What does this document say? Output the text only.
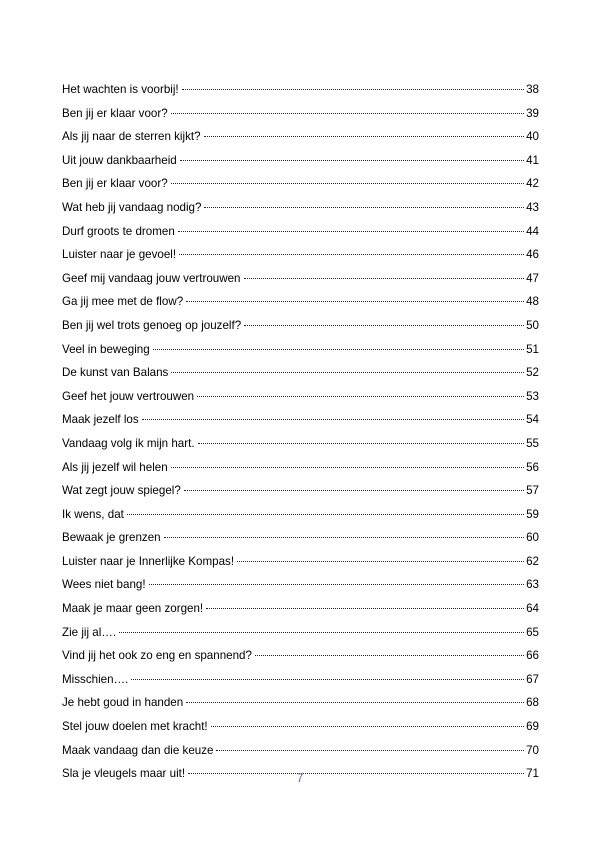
Het wachten is voorbij!	38
Ben jij er klaar voor?	39
Als jij naar de sterren kijkt?	40
Uit jouw dankbaarheid	41
Ben jij er klaar voor?	42
Wat heb jij vandaag nodig?	43
Durf groots te dromen	44
Luister naar je gevoel!	46
Geef mij vandaag jouw vertrouwen	47
Ga jij mee met de flow?	48
Ben jij wel trots genoeg op jouzelf?	50
Veel in beweging	51
De kunst van Balans	52
Geef het jouw vertrouwen	53
Maak jezelf los	54
Vandaag volg ik mijn hart.	55
Als jij jezelf wil helen	56
Wat zegt jouw spiegel?	57
Ik wens, dat	59
Bewaak je grenzen	60
Luister naar je Innerlijke Kompas!	62
Wees niet bang!	63
Maak je maar geen zorgen!	64
Zie jij al….	65
Vind jij het ook zo eng en spannend?	66
Misschien….	67
Je hebt goud in handen	68
Stel jouw doelen met kracht!	69
Maak vandaag dan die keuze	70
Sla je vleugels maar uit!	71
7
